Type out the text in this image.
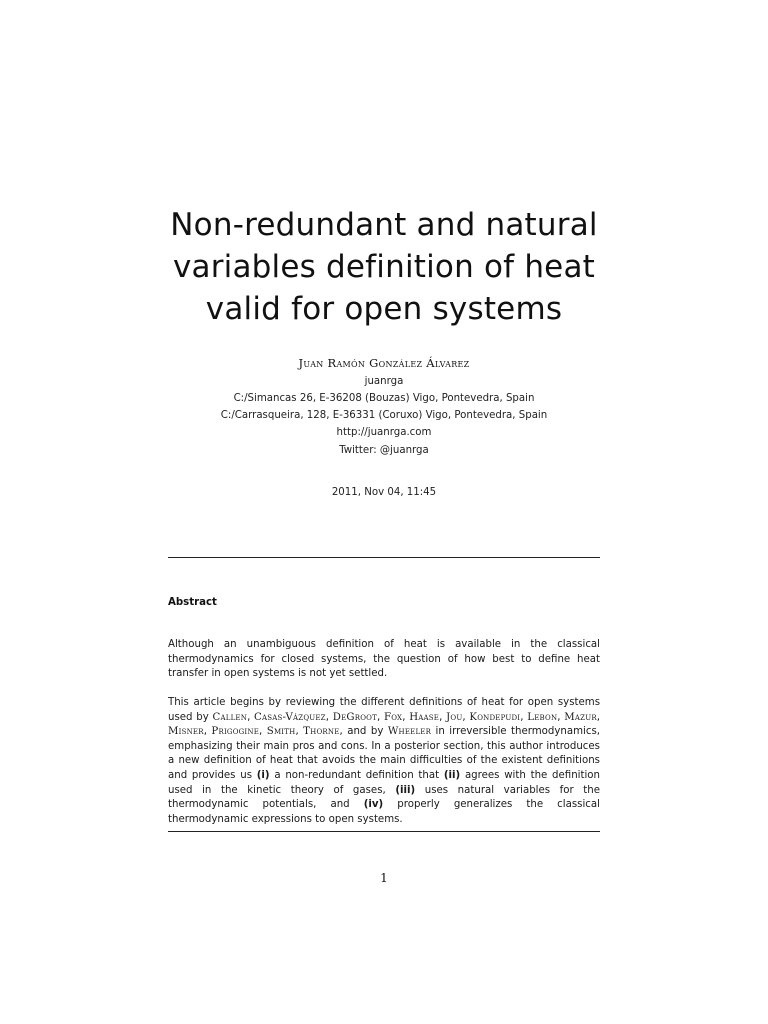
Non-redundant and natural
variables definition of heat
valid for open systems
Juan Ramón González Álvarez
juanrga
C:/Simancas 26, E-36208 (Bouzas) Vigo, Pontevedra, Spain
C:/Carrasqueira, 128, E-36331 (Coruxo) Vigo, Pontevedra, Spain
http://juanrga.com
Twitter: @juanrga
2011, Nov 04, 11:45
Abstract
Although an unambiguous definition of heat is available in the classical thermodynamics for closed systems, the question of how best to define heat transfer in open systems is not yet settled.
This article begins by reviewing the different definitions of heat for open systems used by Callen, Casas-Vázquez, DeGroot, Fox, Haase, Jou, Kondepudi, Lebon, Mazur, Misner, Prigogine, Smith, Thorne, and by Wheeler in irreversible thermodynamics, emphasizing their main pros and cons. In a posterior section, this author introduces a new definition of heat that avoids the main difficulties of the existent definitions and provides us (i) a non-redundant definition that (ii) agrees with the definition used in the kinetic theory of gases, (iii) uses natural variables for the thermodynamic potentials, and (iv) properly generalizes the classical thermodynamic expressions to open systems.
1
